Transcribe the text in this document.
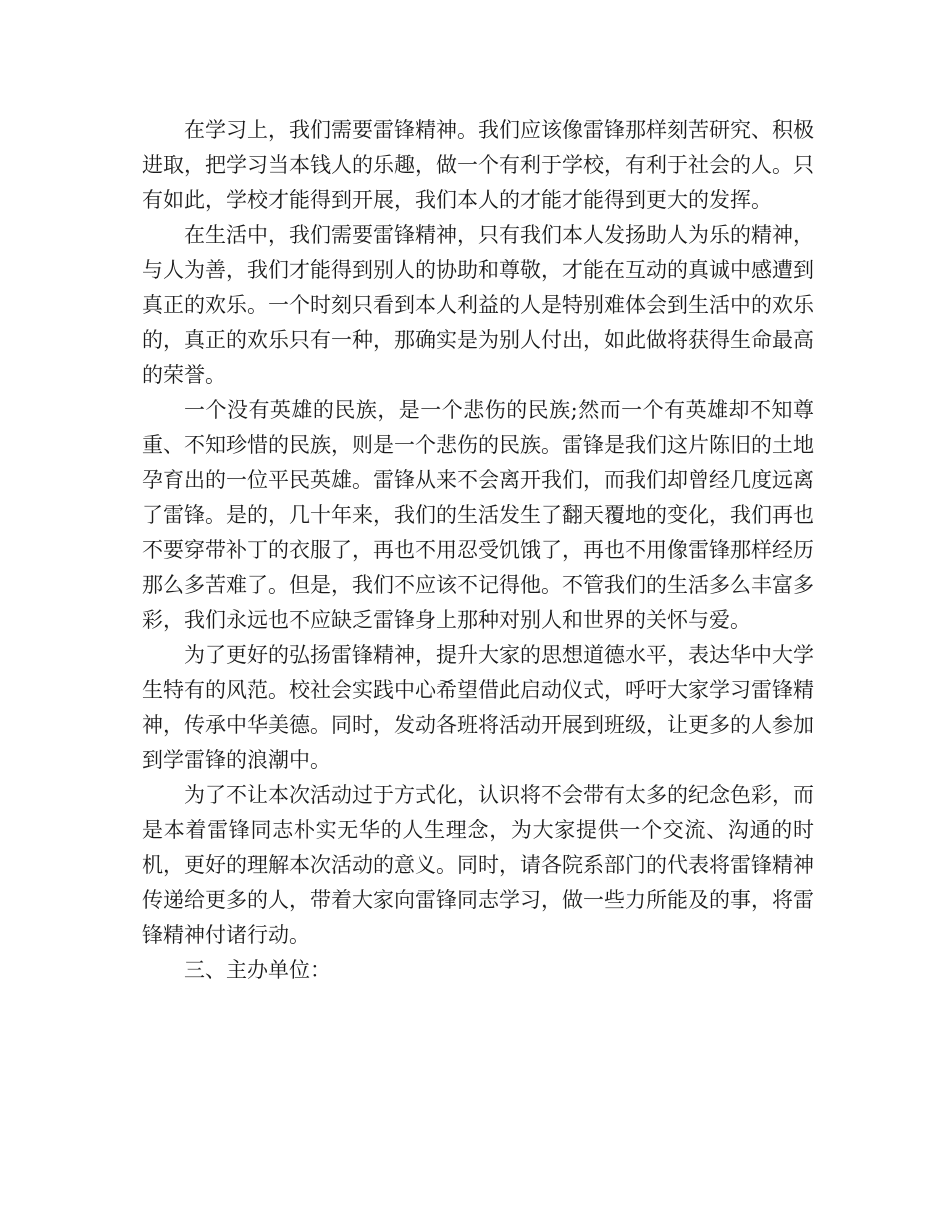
在学习上，我们需要雷锋精神。我们应该像雷锋那样刻苦研究、积极进取，把学习当本钱人的乐趣，做一个有利于学校，有利于社会的人。只有如此，学校才能得到开展，我们本人的才能才能得到更大的发挥。

在生活中，我们需要雷锋精神，只有我们本人发扬助人为乐的精神，与人为善，我们才能得到别人的协助和尊敬，才能在互动的真诚中感遭到真正的欢乐。一个时刻只看到本人利益的人是特别难体会到生活中的欢乐的，真正的欢乐只有一种，那确实是为别人付出，如此做将获得生命最高的荣誉。

一个没有英雄的民族，是一个悲伤的民族;然而一个有英雄却不知尊重、不知珍惜的民族，则是一个悲伤的民族。雷锋是我们这片陈旧的土地孕育出的一位平民英雄。雷锋从来不会离开我们，而我们却曾经几度远离了雷锋。是的，几十年来，我们的生活发生了翻天覆地的变化，我们再也不要穿带补丁的衣服了，再也不用忍受饥饿了，再也不用像雷锋那样经历那么多苦难了。但是，我们不应该不记得他。不管我们的生活多么丰富多彩，我们永远也不应缺乏雷锋身上那种对别人和世界的关怀与爱。

为了更好的弘扬雷锋精神，提升大家的思想道德水平，表达华中大学生特有的风范。校社会实践中心希望借此启动仪式，呼吁大家学习雷锋精神，传承中华美德。同时，发动各班将活动开展到班级，让更多的人参加到学雷锋的浪潮中。

为了不让本次活动过于方式化，认识将不会带有太多的纪念色彩，而是本着雷锋同志朴实无华的人生理念，为大家提供一个交流、沟通的时机，更好的理解本次活动的意义。同时，请各院系部门的代表将雷锋精神传递给更多的人，带着大家向雷锋同志学习，做一些力所能及的事，将雷锋精神付诸行动。

三、主办单位：
